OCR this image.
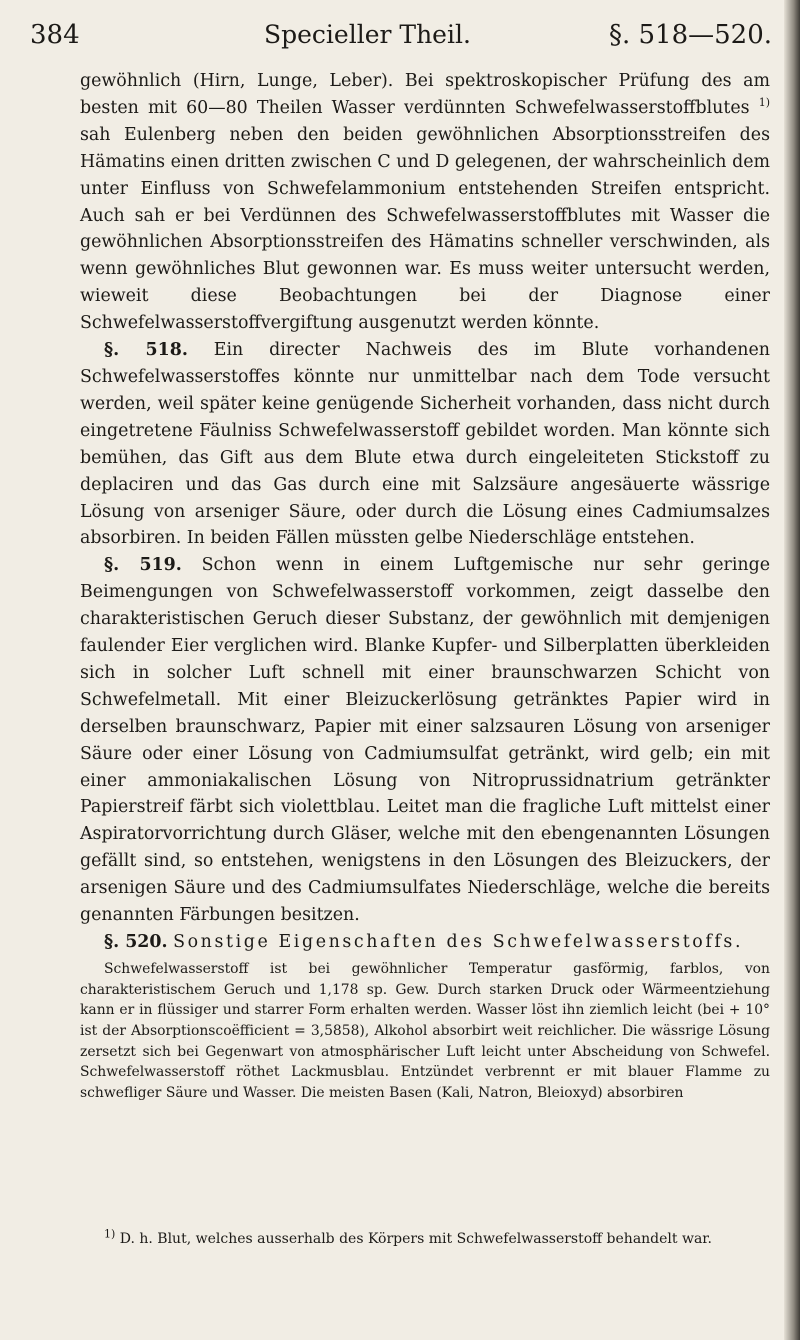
384	Specieller Theil.	§. 518—520.

gewöhnlich (Hirn, Lunge, Leber). Bei spektroskopischer Prüfung des am besten mit 60—80 Theilen Wasser verdünnten Schwefelwasserstoffblutes $^{1)}$ sah Eulenberg neben den beiden gewöhnlichen Absorptionsstreifen des Hämatins einen dritten zwischen C und D gelegenen, der wahrscheinlich dem unter Einfluss von Schwefelammonium entstehenden Streifen entspricht. Auch sah er bei Verdünnen des Schwefelwasserstoffblutes mit Wasser die gewöhnlichen Absorptionsstreifen des Hämatins schneller verschwinden, als wenn gewöhnliches Blut gewonnen war. Es muss weiter untersucht werden, wieweit diese Beobachtungen bei der Diagnose einer Schwefelwasserstoffvergiftung ausgenutzt werden könnte.

§. 518. Ein directer Nachweis des im Blute vorhandenen Schwefelwasserstoffes könnte nur unmittelbar nach dem Tode versucht werden, weil später keine genügende Sicherheit vorhanden, dass nicht durch eingetretene Fäulniss Schwefelwasserstoff gebildet worden. Man könnte sich bemühen, das Gift aus dem Blute etwa durch eingeleiteten Stickstoff zu deplaciren und das Gas durch eine mit Salzsäure angesäuerte wässrige Lösung von arseniger Säure, oder durch die Lösung eines Cadmiumsalzes absorbiren. In beiden Fällen müssten gelbe Niederschläge entstehen.

§. 519. Schon wenn in einem Luftgemische nur sehr geringe Beimengungen von Schwefelwasserstoff vorkommen, zeigt dasselbe den charakteristischen Geruch dieser Substanz, der gewöhnlich mit demjenigen faulender Eier verglichen wird. Blanke Kupfer- und Silberplatten überkleiden sich in solcher Luft schnell mit einer braunschwarzen Schicht von Schwefelmetall. Mit einer Bleizuckerlösung getränktes Papier wird in derselben braunschwarz, Papier mit einer salzsauren Lösung von arseniger Säure oder einer Lösung von Cadmiumsulfat getränkt, wird gelb; ein mit einer ammoniakalischen Lösung von Nitroprussidnatrium getränkter Papierstreif färbt sich violettblau. Leitet man die fragliche Luft mittelst einer Aspiratorvorrichtung durch Gläser, welche mit den ebengenannten Lösungen gefällt sind, so entstehen, wenigstens in den Lösungen des Bleizuckers, der arsenigen Säure und des Cadmiumsulfates Niederschläge, welche die bereits genannten Färbungen besitzen.

§. 520. Sonstige Eigenschaften des Schwefelwasserstoffs.

Schwefelwasserstoff ist bei gewöhnlicher Temperatur gasförmig, farblos, von charakteristischem Geruch und 1,178 sp. Gew. Durch starken Druck oder Wärmeentziehung kann er in flüssiger und starrer Form erhalten werden. Wasser löst ihn ziemlich leicht (bei + 10° ist der Absorptionscoëfficient = 3,5858), Alkohol absorbirt weit reichlicher. Die wässrige Lösung zersetzt sich bei Gegenwart von atmosphärischer Luft leicht unter Abscheidung von Schwefel. Schwefelwasserstoff röthet Lackmusblau. Entzündet verbrennt er mit blauer Flamme zu schwefliger Säure und Wasser. Die meisten Basen (Kali, Natron, Bleioxyd) absorbiren

$^{1)}$ D. h. Blut, welches ausserhalb des Körpers mit Schwefelwasserstoff behandelt war.
